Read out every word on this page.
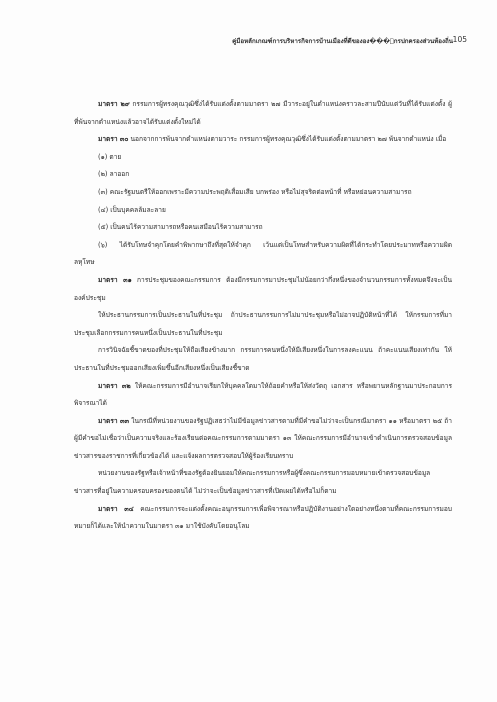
คู่มือหลักเกณฑ์การบริหารกิจการบ้านเมืองที่ดีขององ���์กรปกครองส่วนท้องถิ่น 105

มาตรา ๒๙ กรรมการผู้ทรงคุณวุฒิซึ่งได้รับแต่งตั้งตามมาตรา ๒๗ มีวาระอยู่ในตำแหน่งคราวละสามปีนับแต่วันที่ได้รับแต่งตั้ง ผู้ที่พ้นจากตำแหน่งแล้วอาจได้รับแต่งตั้งใหม่ได้

มาตรา ๓๐ นอกจากการพ้นจากตำแหน่งตามวาระ กรรมการผู้ทรงคุณวุฒิซึ่งได้รับแต่งตั้งตามมาตรา ๒๗ พ้นจากตำแหน่ง เมื่อ

(๑) ตาย

(๒) ลาออก

(๓) คณะรัฐมนตรีให้ออกเพราะมีความประพฤติเสื่อมเสีย บกพร่อง หรือไม่สุจริตต่อหน้าที่ หรือหย่อนความสามารถ

(๔) เป็นบุคคลล้มละลาย

(๕) เป็นคนไร้ความสามารถหรือคนเสมือนไร้ความสามารถ

(๖) ได้รับโทษจำคุกโดยคำพิพากษาถึงที่สุดให้จำคุก เว้นแต่เป็นโทษสำหรับความผิดที่ได้กระทำโดยประมาทหรือความผิดลหุโทษ

มาตรา ๓๑ การประชุมของคณะกรรมการ ต้องมีกรรมการมาประชุมไม่น้อยกว่ากึ่งหนึ่งของจำนวนกรรมการทั้งหมดจึงจะเป็นองค์ประชุม

ให้ประธานกรรมการเป็นประธานในที่ประชุม ถ้าประธานกรรมการไม่มาประชุมหรือไม่อาจปฏิบัติหน้าที่ได้ ให้กรรมการที่มาประชุมเลือกกรรมการคนหนึ่งเป็นประธานในที่ประชุม

การวินิจฉัยชี้ขาดของที่ประชุมให้ถือเสียงข้างมาก กรรมการคนหนึ่งให้มีเสียงหนึ่งในการลงคะแนน ถ้าคะแนนเสียงเท่ากัน ให้ประธานในที่ประชุมออกเสียงเพิ่มขึ้นอีกเสียงหนึ่งเป็นเสียงชี้ขาด

มาตรา ๓๒ ให้คณะกรรมการมีอำนาจเรียกให้บุคคลใดมาให้ถ้อยคำหรือให้ส่งวัตถุ เอกสาร หรือพยานหลักฐานมาประกอบการพิจารณาได้

มาตรา ๓๓ ในกรณีที่หน่วยงานของรัฐปฏิเสธว่าไม่มีข้อมูลข่าวสารตามที่มีคำขอไม่ว่าจะเป็นกรณีมาตรา ๑๑ หรือมาตรา ๒๕ ถ้าผู้มีคำขอไม่เชื่อว่าเป็นความจริงและร้องเรียนต่อคณะกรรมการตามมาตรา ๑๓ ให้คณะกรรมการมีอำนาจเข้าดำเนินการตรวจสอบข้อมูลข่าวสารของราชการที่เกี่ยวข้องได้ และแจ้งผลการตรวจสอบให้ผู้ร้องเรียนทราบ

หน่วยงานของรัฐหรือเจ้าหน้าที่ของรัฐต้องยินยอมให้คณะกรรมการหรือผู้ซึ่งคณะกรรมการมอบหมายเข้าตรวจสอบข้อมูลข่าวสารที่อยู่ในความครอบครองของตนได้ ไม่ว่าจะเป็นข้อมูลข่าวสารที่เปิดเผยได้หรือไม่ก็ตาม

มาตรา ๓๔ คณะกรรมการจะแต่งตั้งคณะอนุกรรมการเพื่อพิจารณาหรือปฏิบัติงานอย่างใดอย่างหนึ่งตามที่คณะกรรมการมอบหมายก็ได้และให้นำความในมาตรา ๓๑ มาใช้บังคับโดยอนุโลม
